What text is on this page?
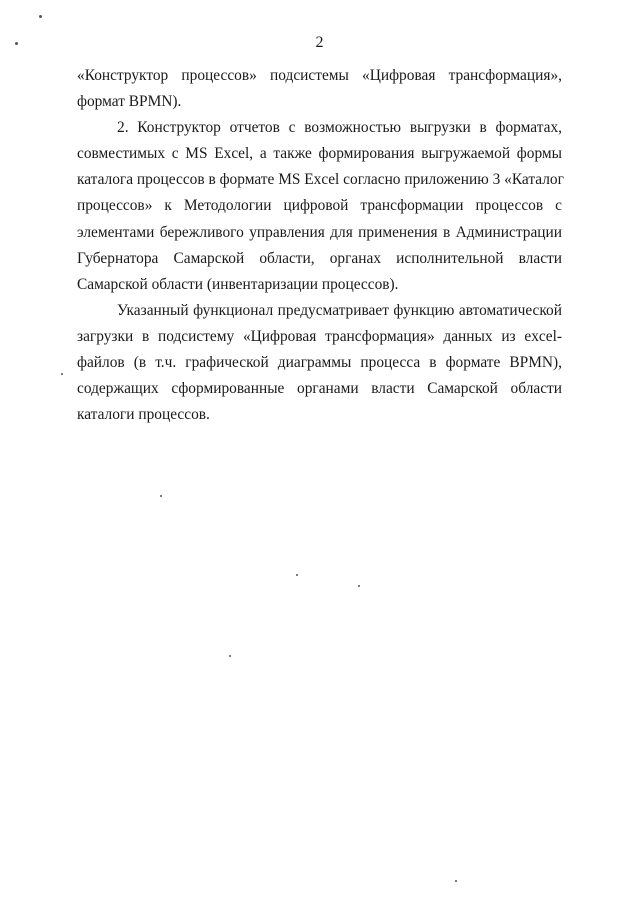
2
«Конструктор процессов» подсистемы «Цифровая трансформация»,
формат BPMN).
2. Конструктор отчетов с возможностью выгрузки в форматах,
совместимых с MS Excel, а также формирования выгружаемой формы
каталога процессов в формате MS Excel согласно приложению 3 «Каталог
процессов» к Методологии цифровой трансформации процессов с
элементами бережливого управления для применения в Администрации
Губернатора Самарской области, органах исполнительной власти
Самарской области (инвентаризации процессов).
Указанный функционал предусматривает функцию автоматической
загрузки в подсистему «Цифровая трансформация» данных из excel-
файлов (в т.ч. графической диаграммы процесса в формате BPMN),
содержащих сформированные органами власти Самарской области
каталоги процессов.
